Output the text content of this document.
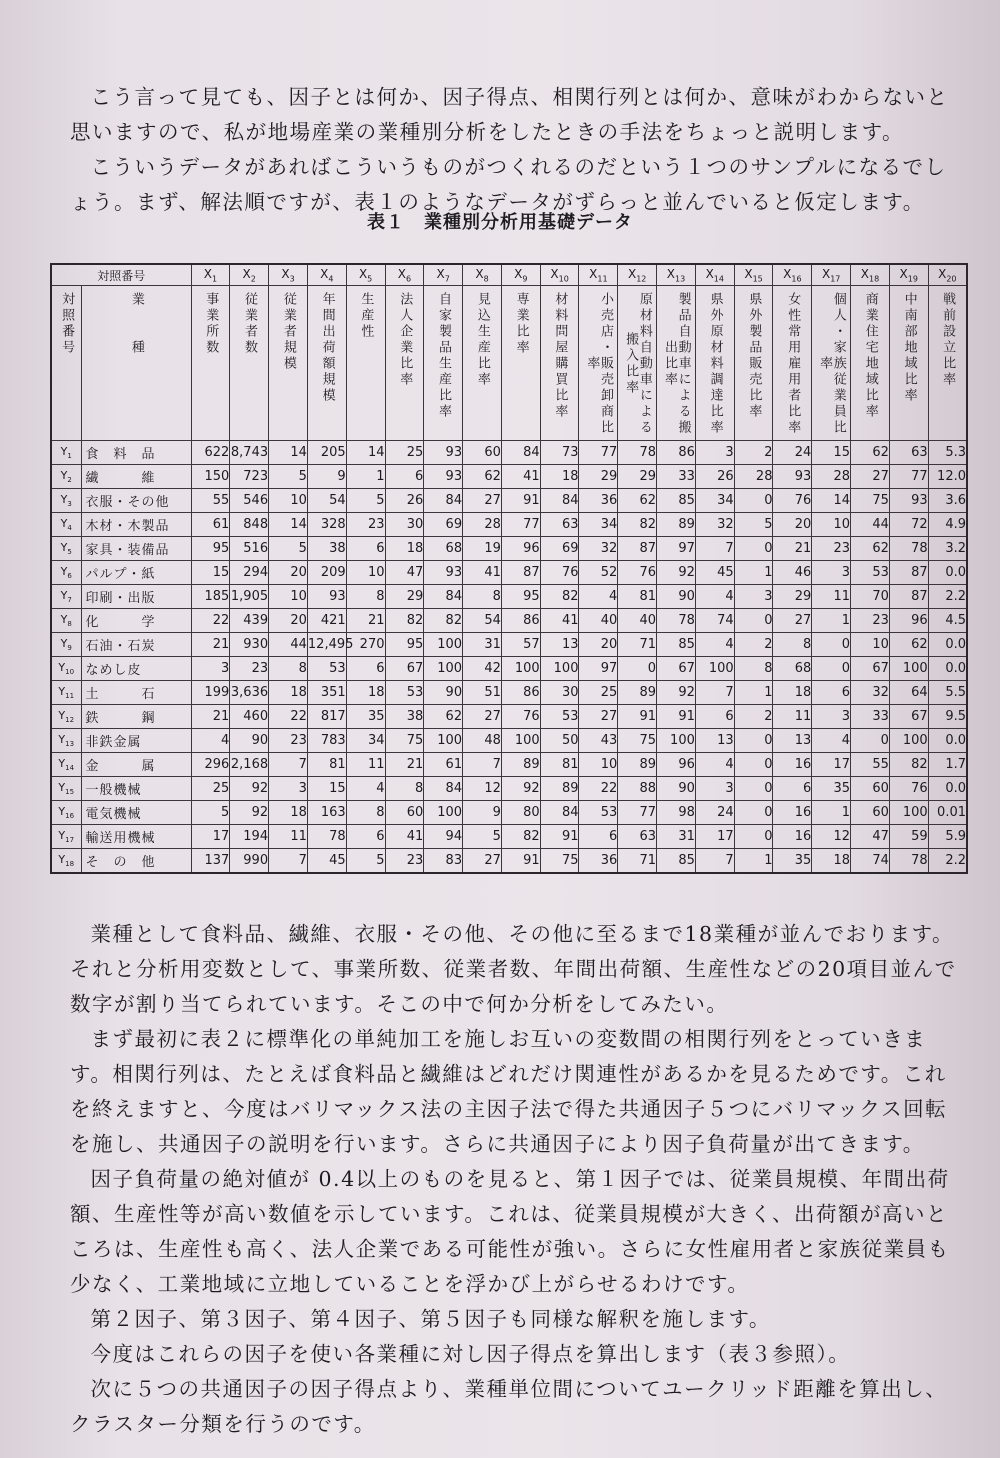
こう言って見ても、因子とは何か、因子得点、相関行列とは何か、意味がわからないと思いますので、私が地場産業の業種別分析をしたときの手法をちょっと説明します。

こういうデータがあればこういうものがつくれるのだという１つのサンプルになるでしょう。まず、解法順ですが、表１のようなデータがずらっと並んでいると仮定します。

表１　業種別分析用基礎データ
対照番号		$X_1$	$X_2$	$X_3$	$X_4$	$X_5$	$X_6$	$X_7$	$X_8$	$X_9$	$X_{10}$	$X_{11}$	$X_{12}$	$X_{13}$	$X_{14}$	$X_{15}$	$X_{16}$	$X_{17}$	$X_{18}$	$X_{19}$	$X_{20}$

対照番号	業　　種	事業所数	従業者数	従業者規模	年間出荷額規模	生産性	法人企業比率	自家製品生産比率	見込生産比率	専業比率	材料問屋購買比率	小売店・販売卸商比率	原材料自動車による搬入比率	製品自動車による搬出比率	県外原材料調達比率	県外製品販売比率	女性常用雇用者比率	個人・家族従業員比率	商業住宅地域比率	中南部地域比率	戦前設立比率
$Y_1$	食　料　品	622	8,743	14	205	14	25	93	60	84	73	77	78	86	3	2	24	15	62	63	5.3
$Y_2$	繊　　　維	150	723	5	9	1	6	93	62	41	18	29	29	33	26	28	93	28	27	77	12.0
$Y_3$	衣服・その他	55	546	10	54	5	26	84	27	91	84	36	62	85	34	0	76	14	75	93	3.6
$Y_4$	木材・木製品	61	848	14	328	23	30	69	28	77	63	34	82	89	32	5	20	10	44	72	4.9
$Y_5$	家具・装備品	95	516	5	38	6	18	68	19	96	69	32	87	97	7	0	21	23	62	78	3.2
$Y_6$	パルプ・紙	15	294	20	209	10	47	93	41	87	76	52	76	92	45	1	46	3	53	87	0.0
$Y_7$	印刷・出版	185	1,905	10	93	8	29	84	8	95	82	4	81	90	4	3	29	11	70	87	2.2
$Y_8$	化　　　学	22	439	20	421	21	82	82	54	86	41	40	40	78	74	0	27	1	23	96	4.5
$Y_9$	石油・石炭	21	930	44	12,495	270	95	100	31	57	13	20	71	85	4	2	8	0	10	62	0.0
$Y_{10}$	なめし皮	3	23	8	53	6	67	100	42	100	100	97	0	67	100	8	68	0	67	100	0.0
$Y_{11}$	土　　　石	199	3,636	18	351	18	53	90	51	86	30	25	89	92	7	1	18	6	32	64	5.5
$Y_{12}$	鉄　　　鋼	21	460	22	817	35	38	62	27	76	53	27	91	91	6	2	11	3	33	67	9.5
$Y_{13}$	非鉄金属	4	90	23	783	34	75	100	48	100	50	43	75	100	13	0	13	4	0	100	0.0
$Y_{14}$	金　　　属	296	2,168	7	81	11	21	61	7	89	81	10	89	96	4	0	16	17	55	82	1.7
$Y_{15}$	一般機械	25	92	3	15	4	8	84	12	92	89	22	88	90	3	0	6	35	60	76	0.0
$Y_{16}$	電気機械	5	92	18	163	8	60	100	9	80	84	53	77	98	24	0	16	1	60	100	0.01
$Y_{17}$	輸送用機械	17	194	11	78	6	41	94	5	82	91	6	63	31	17	0	16	12	47	59	5.9
$Y_{18}$	そ　の　他	137	990	7	45	5	23	83	27	91	75	36	71	85	7	1	35	18	74	78	2.2

業種として食料品、繊維、衣服・その他、その他に至るまで18業種が並んでおります。それと分析用変数として、事業所数、従業者数、年間出荷額、生産性などの20項目並んで数字が割り当てられています。そこの中で何か分析をしてみたい。

まず最初に表２に標準化の単純加工を施しお互いの変数間の相関行列をとっていきます。相関行列は、たとえば食料品と繊維はどれだけ関連性があるかを見るためです。これを終えますと、今度はバリマックス法の主因子法で得た共通因子５つにバリマックス回転を施し、共通因子の説明を行います。さらに共通因子により因子負荷量が出てきます。

因子負荷量の絶対値が 0.4以上のものを見ると、第１因子では、従業員規模、年間出荷額、生産性等が高い数値を示しています。これは、従業員規模が大きく、出荷額が高いところは、生産性も高く、法人企業である可能性が強い。さらに女性雇用者と家族従業員も少なく、工業地域に立地していることを浮かび上がらせるわけです。

第２因子、第３因子、第４因子、第５因子も同様な解釈を施します。

今度はこれらの因子を使い各業種に対し因子得点を算出します（表３参照）。

次に５つの共通因子の因子得点より、業種単位間についてユークリッド距離を算出し、クラスター分類を行うのです。
